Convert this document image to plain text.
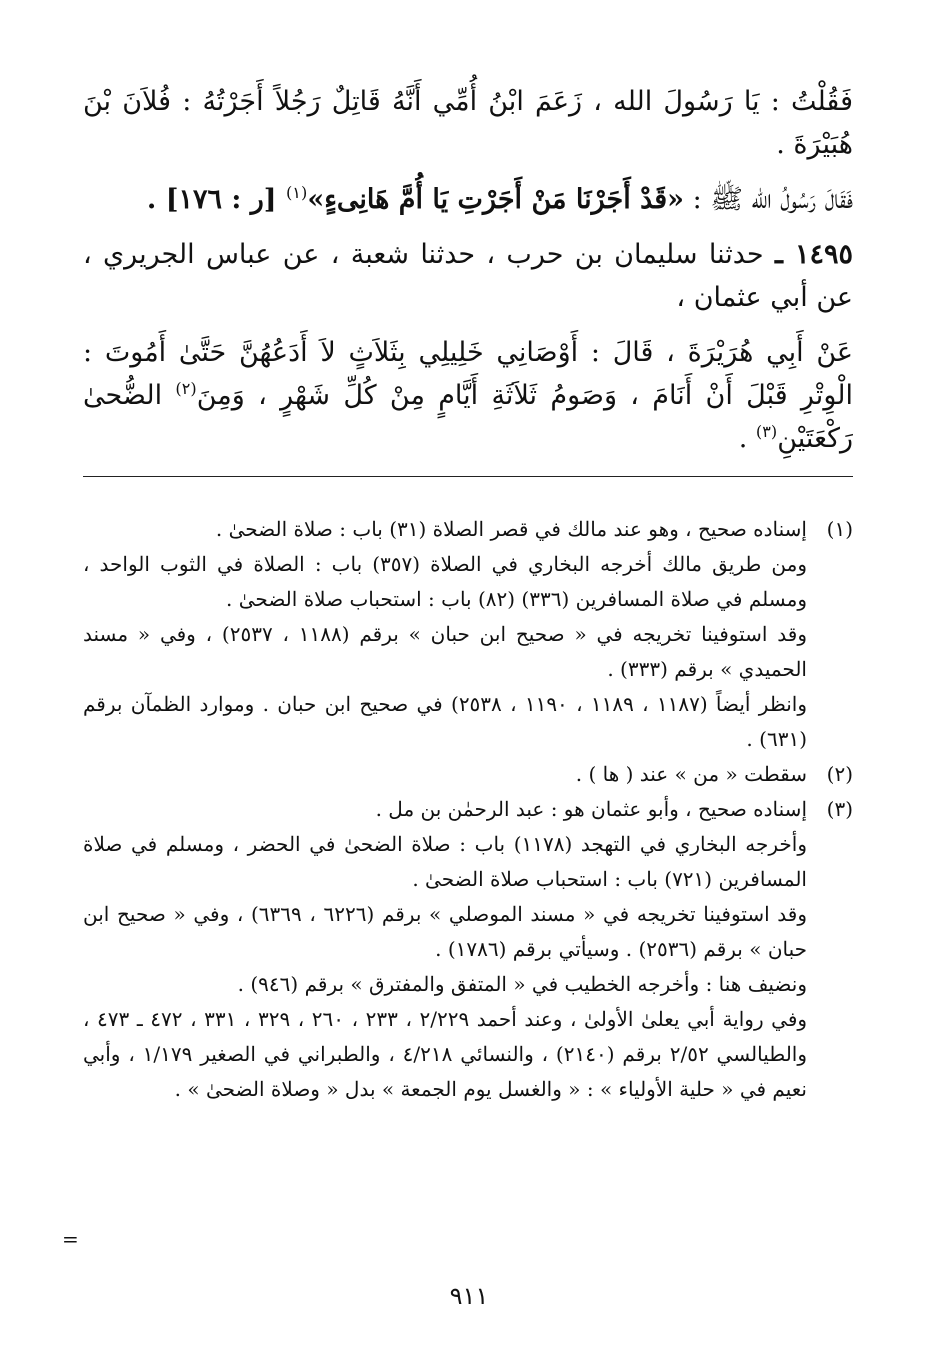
فَقُلْتُ : يَا رَسُولَ الله ، زَعَمَ ابْنُ أُمِّي أَنَّهُ قَاتِلٌ رَجُلاً أَجَرْتُهُ : فُلاَنَ بْنَ هُبَيْرَةَ .

فَقَالَ رَسُولُ الله ﷺ : «قَدْ أَجَرْنَا مَنْ أَجَرْتِ يَا أُمَّ هَانِىءٍ»$^{(١)}$ [ر : ١٧٦] .

١٤٩٥ ـ حدثنا سليمان بن حرب ، حدثنا شعبة ، عن عباس الجريري ، عن أبي عثمان ،

عَنْ أَبِي هُرَيْرَةَ ، قَالَ : أَوْصَانِي خَلِيلِي بِثَلاَثٍ لاَ أَدَعُهُنَّ حَتَّىٰ أَمُوتَ : الْوِتْرِ قَبْلَ أَنْ أَنَامَ ، وَصَومُ ثَلاَثَةِ أَيَّامٍ مِنْ كُلِّ شَهْرٍ ، وَمِنَ$^{(٢)}$ الضُّحىٰ رَكْعَتَيْنِ$^{(٣)}$ .

(١)
إسناده صحيح ، وهو عند مالك في قصر الصلاة (٣١) باب : صلاة الضحىٰ .
ومن طريق مالك أخرجه البخاري في الصلاة (٣٥٧) باب : الصلاة في الثوب الواحد ، ومسلم في صلاة المسافرين (٣٣٦) (٨٢) باب : استحباب صلاة الضحىٰ .
وقد استوفينا تخريجه في « صحيح ابن حبان » برقم (١١٨٨ ، ٢٥٣٧) ، وفي « مسند الحميدي » برقم (٣٣٣) .
وانظر أيضاً (١١٨٧ ، ١١٨٩ ، ١١٩٠ ، ٢٥٣٨) في صحيح ابن حبان . وموارد الظمآن برقم (٦٣١) .
(٢)
سقطت « من » عند ( ها ) .
(٣)
إسناده صحيح ، وأبو عثمان هو : عبد الرحمٰن بن مل .
وأخرجه البخاري في التهجد (١١٧٨) باب : صلاة الضحىٰ في الحضر ، ومسلم في صلاة المسافرين (٧٢١) باب : استحباب صلاة الضحىٰ .
وقد استوفينا تخريجه في « مسند الموصلي » برقم (٦٢٢٦ ، ٦٣٦٩) ، وفي « صحيح ابن حبان » برقم (٢٥٣٦) . وسيأتي برقم (١٧٨٦) .
ونضيف هنا : وأخرجه الخطيب في « المتفق والمفترق » برقم (٩٤٦) .
وفي رواية أبي يعلىٰ الأولىٰ ، وعند أحمد ٢/٢٢٩ ، ٢٣٣ ، ٢٦٠ ، ٣٢٩ ، ٣٣١ ، ٤٧٢ ـ ٤٧٣ ، والطيالسي ٢/٥٢ برقم (٢١٤٠) ، والنسائي ٤/٢١٨ ، والطبراني في الصغير ١/١٧٩ ، وأبي نعيم في « حلية الأولياء » : « والغسل يوم الجمعة » بدل « وصلاة الضحىٰ » .
=
٩١١
